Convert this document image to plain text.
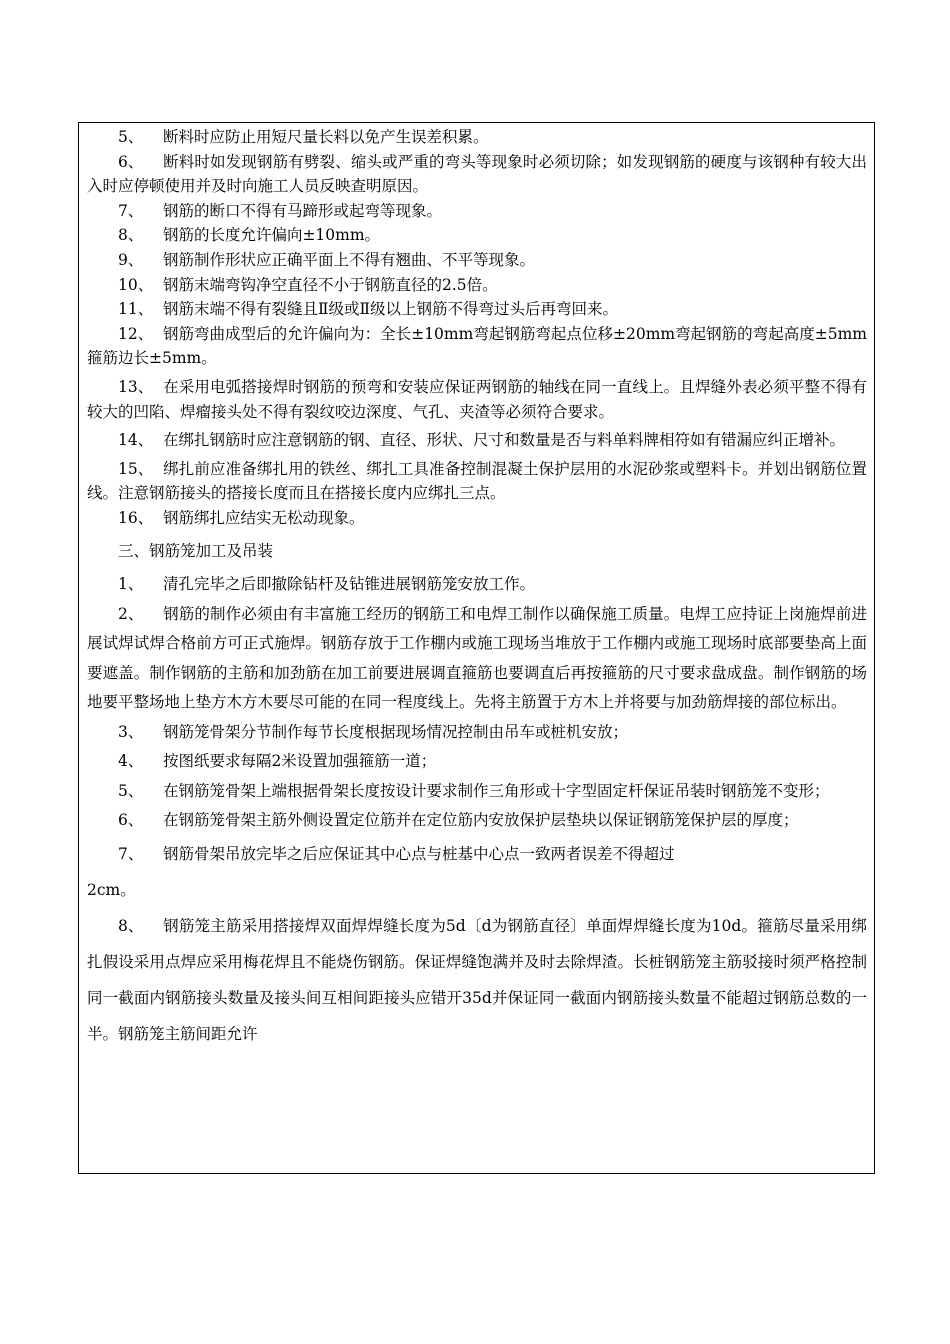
5、 断料时应防止用短尺量长料以免产生误差积累。

6、 断料时如发现钢筋有劈裂、缩头或严重的弯头等现象时必须切除；如发现钢筋的硬度与该钢种有较大出入时应停顿使用并及时向施工人员反映查明原因。

7、 钢筋的断口不得有马蹄形或起弯等现象。

8、 钢筋的长度允许偏向±10mm。

9、 钢筋制作形状应正确平面上不得有翘曲、不平等现象。

10、 钢筋末端弯钩净空直径不小于钢筋直径的2.5倍。

11、 钢筋末端不得有裂缝且Ⅱ级或Ⅱ级以上钢筋不得弯过头后再弯回来。

12、 钢筋弯曲成型后的允许偏向为：全长±10mm弯起钢筋弯起点位移±20mm弯起钢筋的弯起高度±5mm箍筋边长±5mm。

13、 在采用电弧搭接焊时钢筋的预弯和安装应保证两钢筋的轴线在同一直线上。且焊缝外表必须平整不得有较大的凹陷、焊瘤接头处不得有裂纹咬边深度、气孔、夹渣等必须符合要求。

14、 在绑扎钢筋时应注意钢筋的钢、直径、形状、尺寸和数量是否与料单料牌相符如有错漏应纠正增补。

15、 绑扎前应准备绑扎用的铁丝、绑扎工具准备控制混凝土保护层用的水泥砂浆或塑料卡。并划出钢筋位置线。注意钢筋接头的搭接长度而且在搭接长度内应绑扎三点。

16、 钢筋绑扎应结实无松动现象。

三、钢筋笼加工及吊装

1、 清孔完毕之后即撤除钻杆及钻锥进展钢筋笼安放工作。

2、 钢筋的制作必须由有丰富施工经历的钢筋工和电焊工制作以确保施工质量。电焊工应持证上岗施焊前进展试焊试焊合格前方可正式施焊。钢筋存放于工作棚内或施工现场当堆放于工作棚内或施工现场时底部要垫高上面要遮盖。制作钢筋的主筋和加劲筋在加工前要进展调直箍筋也要调直后再按箍筋的尺寸要求盘成盘。制作钢筋的场地要平整场地上垫方木方木要尽可能的在同一程度线上。先将主筋置于方木上并将要与加劲筋焊接的部位标出。

3、 钢筋笼骨架分节制作每节长度根据现场情况控制由吊车或桩机安放；

4、 按图纸要求每隔2米设置加强箍筋一道；

5、 在钢筋笼骨架上端根据骨架长度按设计要求制作三角形或十字型固定杆保证吊装时钢筋笼不变形；

6、 在钢筋笼骨架主筋外侧设置定位筋并在定位筋内安放保护层垫块以保证钢筋笼保护层的厚度；

7、 钢筋骨架吊放完毕之后应保证其中心点与桩基中心点一致两者误差不得超过

2cm。

8、 钢筋笼主筋采用搭接焊双面焊焊缝长度为5d〔d为钢筋直径〕单面焊焊缝长度为10d。箍筋尽量采用绑扎假设采用点焊应采用梅花焊且不能烧伤钢筋。保证焊缝饱满并及时去除焊渣。长桩钢筋笼主筋驳接时须严格控制同一截面内钢筋接头数量及接头间互相间距接头应错开35d并保证同一截面内钢筋接头数量不能超过钢筋总数的一半。钢筋笼主筋间距允许
